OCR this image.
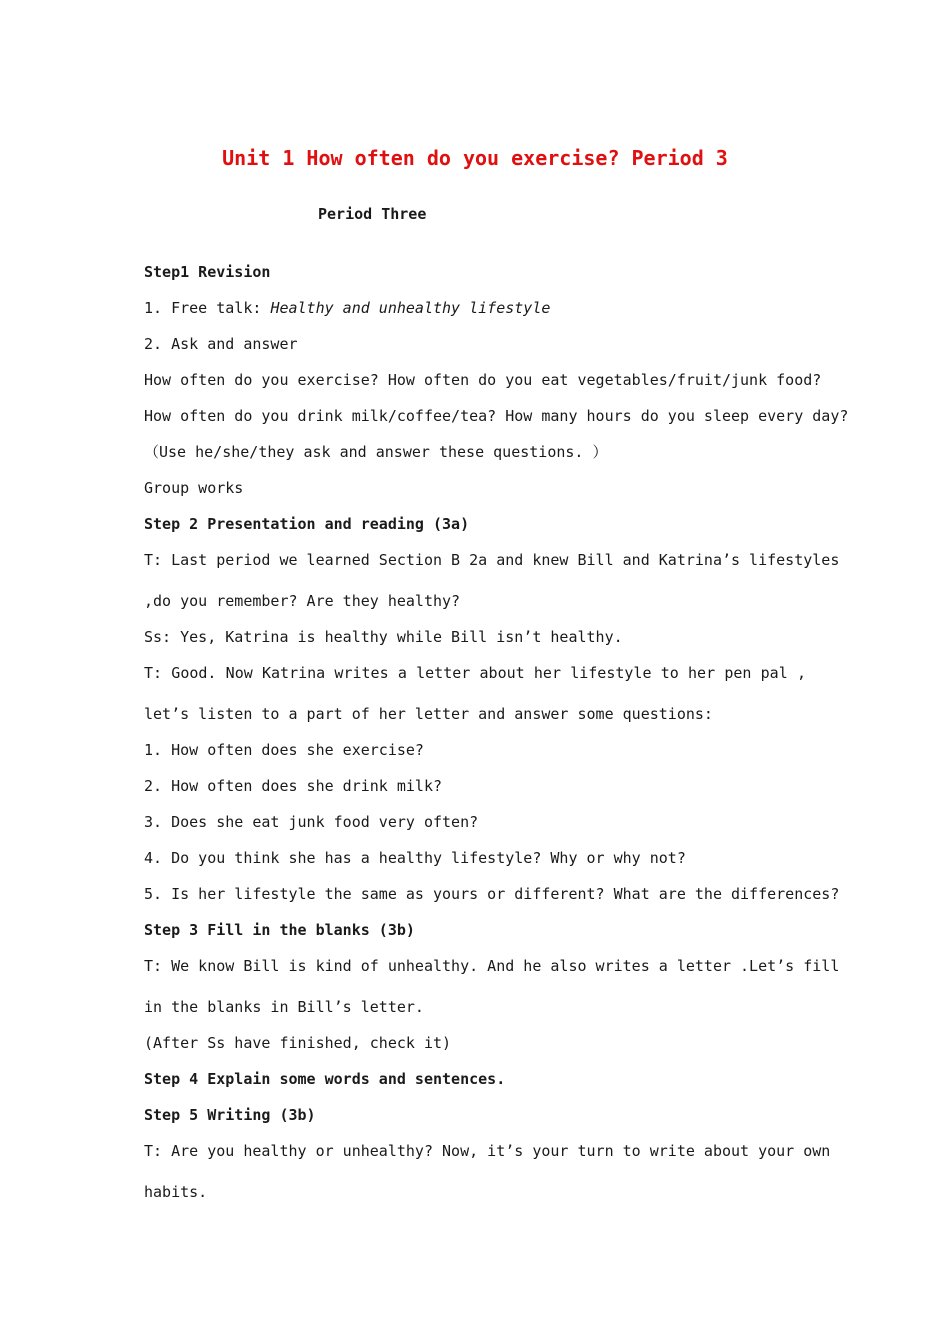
Unit 1 How often do you exercise? Period 3
Period Three
Step1 Revision
1. Free talk: Healthy and unhealthy lifestyle
2. Ask and answer
How often do you exercise? How often do you eat vegetables/fruit/junk food?
How often do you drink milk/coffee/tea? How many hours do you sleep every day?
（Use he/she/they ask and answer these questions. ）
Group works
Step 2 Presentation and reading (3a)
T: Last period we learned Section B 2a and knew Bill and Katrina’s lifestyles
,do you remember? Are they healthy?
Ss: Yes, Katrina is healthy while Bill isn’t healthy.
T: Good. Now Katrina writes a letter about her lifestyle to her pen pal ,
let’s listen to a part of her letter and answer some questions:
1. How often does she exercise?
2. How often does she drink milk?
3. Does she eat junk food very often?
4. Do you think she has a healthy lifestyle? Why or why not?
5. Is her lifestyle the same as yours or different? What are the differences?
Step 3 Fill in the blanks (3b)
T: We know Bill is kind of unhealthy. And he also writes a letter .Let’s fill
in the blanks in Bill’s letter.
(After Ss have finished, check it)
Step 4 Explain some words and sentences.
Step 5 Writing (3b)
T: Are you healthy or unhealthy? Now, it’s your turn to write about your own
habits.
